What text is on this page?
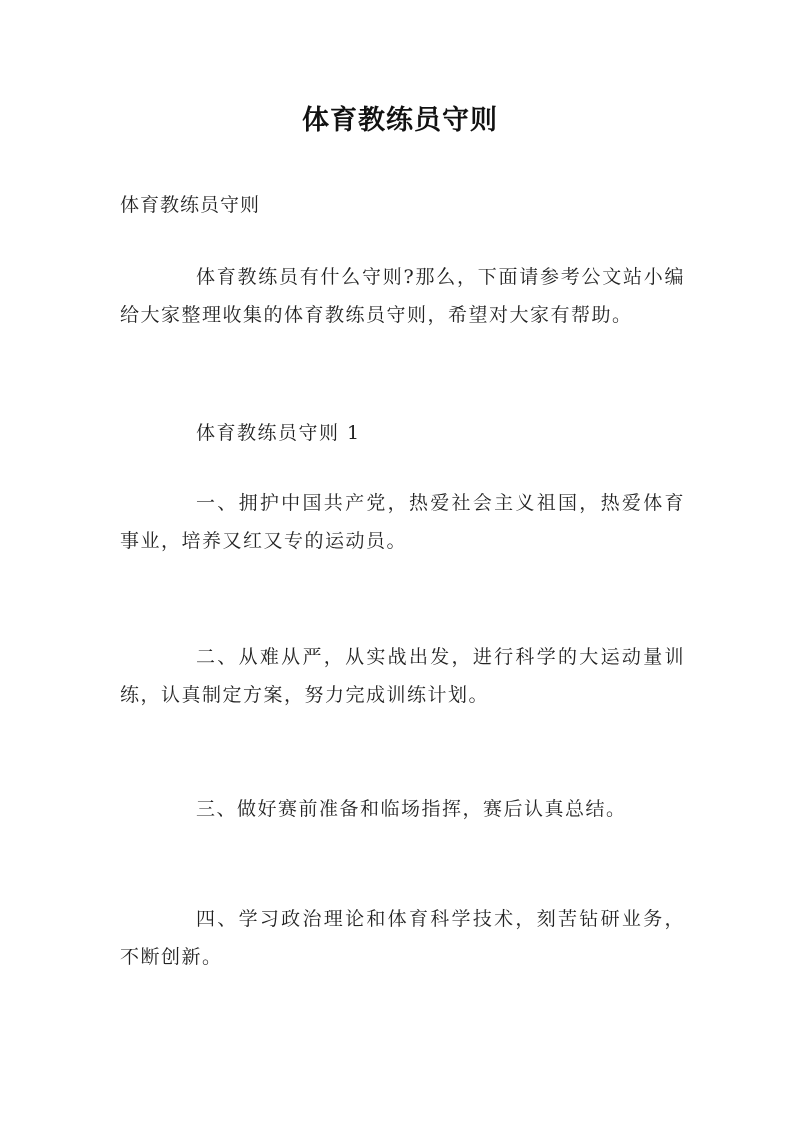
体育教练员守则

体育教练员守则

体育教练员有什么守则?那么，下面请参考公文站小编给大家整理收集的体育教练员守则，希望对大家有帮助。

体育教练员守则 1

一、拥护中国共产党，热爱社会主义祖国，热爱体育事业，培养又红又专的运动员。

二、从难从严，从实战出发，进行科学的大运动量训练，认真制定方案，努力完成训练计划。

三、做好赛前准备和临场指挥，赛后认真总结。

四、学习政治理论和体育科学技术，刻苦钻研业务，不断创新。
